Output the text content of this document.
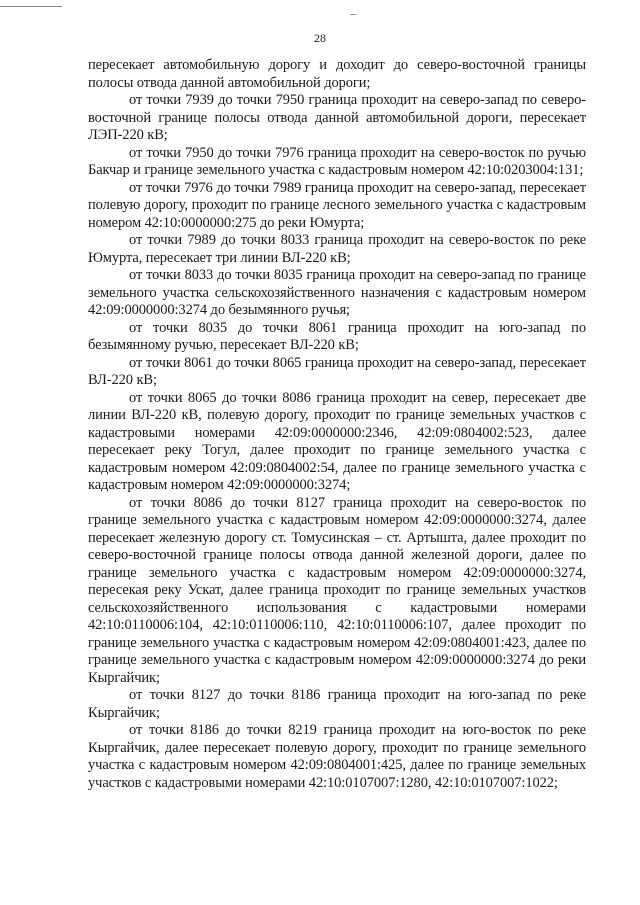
28

пересекает автомобильную дорогу и доходит до северо-восточной границы полосы отвода данной автомобильной дороги;

от точки 7939 до точки 7950 граница проходит на северо-запад по северо-восточной границе полосы отвода данной автомобильной дороги, пересекает ЛЭП-220 кВ;

от точки 7950 до точки 7976 граница проходит на северо-восток по ручью Бакчар и границе земельного участка с кадастровым номером 42:10:0203004:131;

от точки 7976 до точки 7989 граница проходит на северо-запад, пересекает полевую дорогу, проходит по границе лесного земельного участка с кадастровым номером 42:10:0000000:275 до реки Юмурта;

от точки 7989 до точки 8033 граница проходит на северо-восток по реке Юмурта, пересекает три линии ВЛ-220 кВ;

от точки 8033 до точки 8035 граница проходит на северо-запад по границе земельного участка сельскохозяйственного назначения с кадастровым номером 42:09:0000000:3274 до безымянного ручья;

от точки 8035 до точки 8061 граница проходит на юго-запад по безымянному ручью, пересекает ВЛ-220 кВ;

от точки 8061 до точки 8065 граница проходит на северо-запад, пересекает ВЛ-220 кВ;

от точки 8065 до точки 8086 граница проходит на север, пересекает две линии ВЛ-220 кВ, полевую дорогу, проходит по границе земельных участков с кадастровыми номерами 42:09:0000000:2346, 42:09:0804002:523, далее пересекает реку Тогул, далее проходит по границе земельного участка с кадастровым номером 42:09:0804002:54, далее по границе земельного участка с кадастровым номером 42:09:0000000:3274;

от точки 8086 до точки 8127 граница проходит на северо-восток по границе земельного участка с кадастровым номером 42:09:0000000:3274, далее пересекает железную дорогу ст. Томусинская – ст. Артышта, далее проходит по северо-восточной границе полосы отвода данной железной дороги, далее по границе земельного участка с кадастровым номером 42:09:0000000:3274, пересекая реку Ускат, далее граница проходит по границе земельных участков сельскохозяйственного использования с кадастровыми номерами 42:10:0110006:104, 42:10:0110006:110, 42:10:0110006:107, далее проходит по границе земельного участка с кадастровым номером 42:09:0804001:423, далее по границе земельного участка с кадастровым номером 42:09:0000000:3274 до реки Кыргайчик;

от точки 8127 до точки 8186 граница проходит на юго-запад по реке Кыргайчик;

от точки 8186 до точки 8219 граница проходит на юго-восток по реке Кыргайчик, далее пересекает полевую дорогу, проходит по границе земельного участка с кадастровым номером 42:09:0804001:425, далее по границе земельных участков с кадастровыми номерами 42:10:0107007:1280, 42:10:0107007:1022;
